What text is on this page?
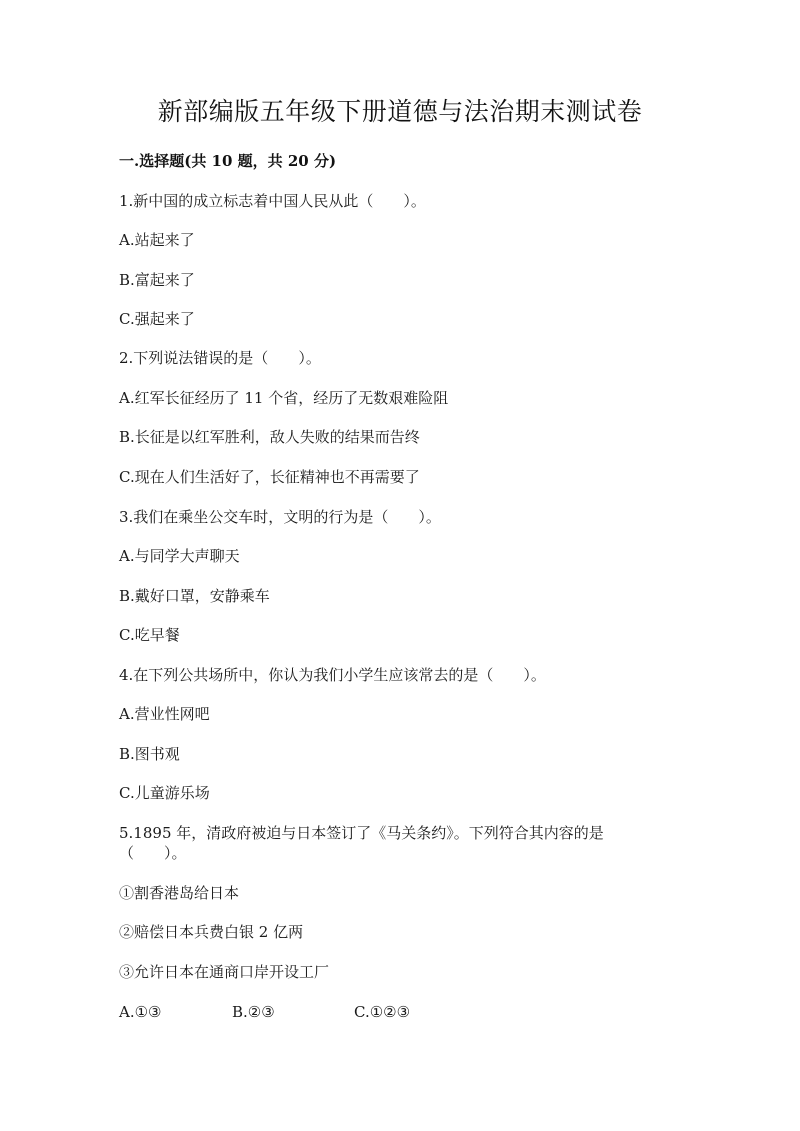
新部编版五年级下册道德与法治期末测试卷
一.选择题(共 10 题，共 20 分)
1.新中国的成立标志着中国人民从此（　　）。
A.站起来了
B.富起来了
C.强起来了
2.下列说法错误的是（　　）。
A.红军长征经历了 11 个省，经历了无数艰难险阻
B.长征是以红军胜利，敌人失败的结果而告终
C.现在人们生活好了，长征精神也不再需要了
3.我们在乘坐公交车时，文明的行为是（　　）。
A.与同学大声聊天
B.戴好口罩，安静乘车
C.吃早餐
4.在下列公共场所中，你认为我们小学生应该常去的是（　　）。
A.营业性网吧
B.图书观
C.儿童游乐场
5.1895 年，清政府被迫与日本签订了《马关条约》。下列符合其内容的是（　　）。
①割香港岛给日本
②赔偿日本兵费白银 2 亿两
③允许日本在通商口岸开设工厂
A.①③	B.②③	C.①②③
